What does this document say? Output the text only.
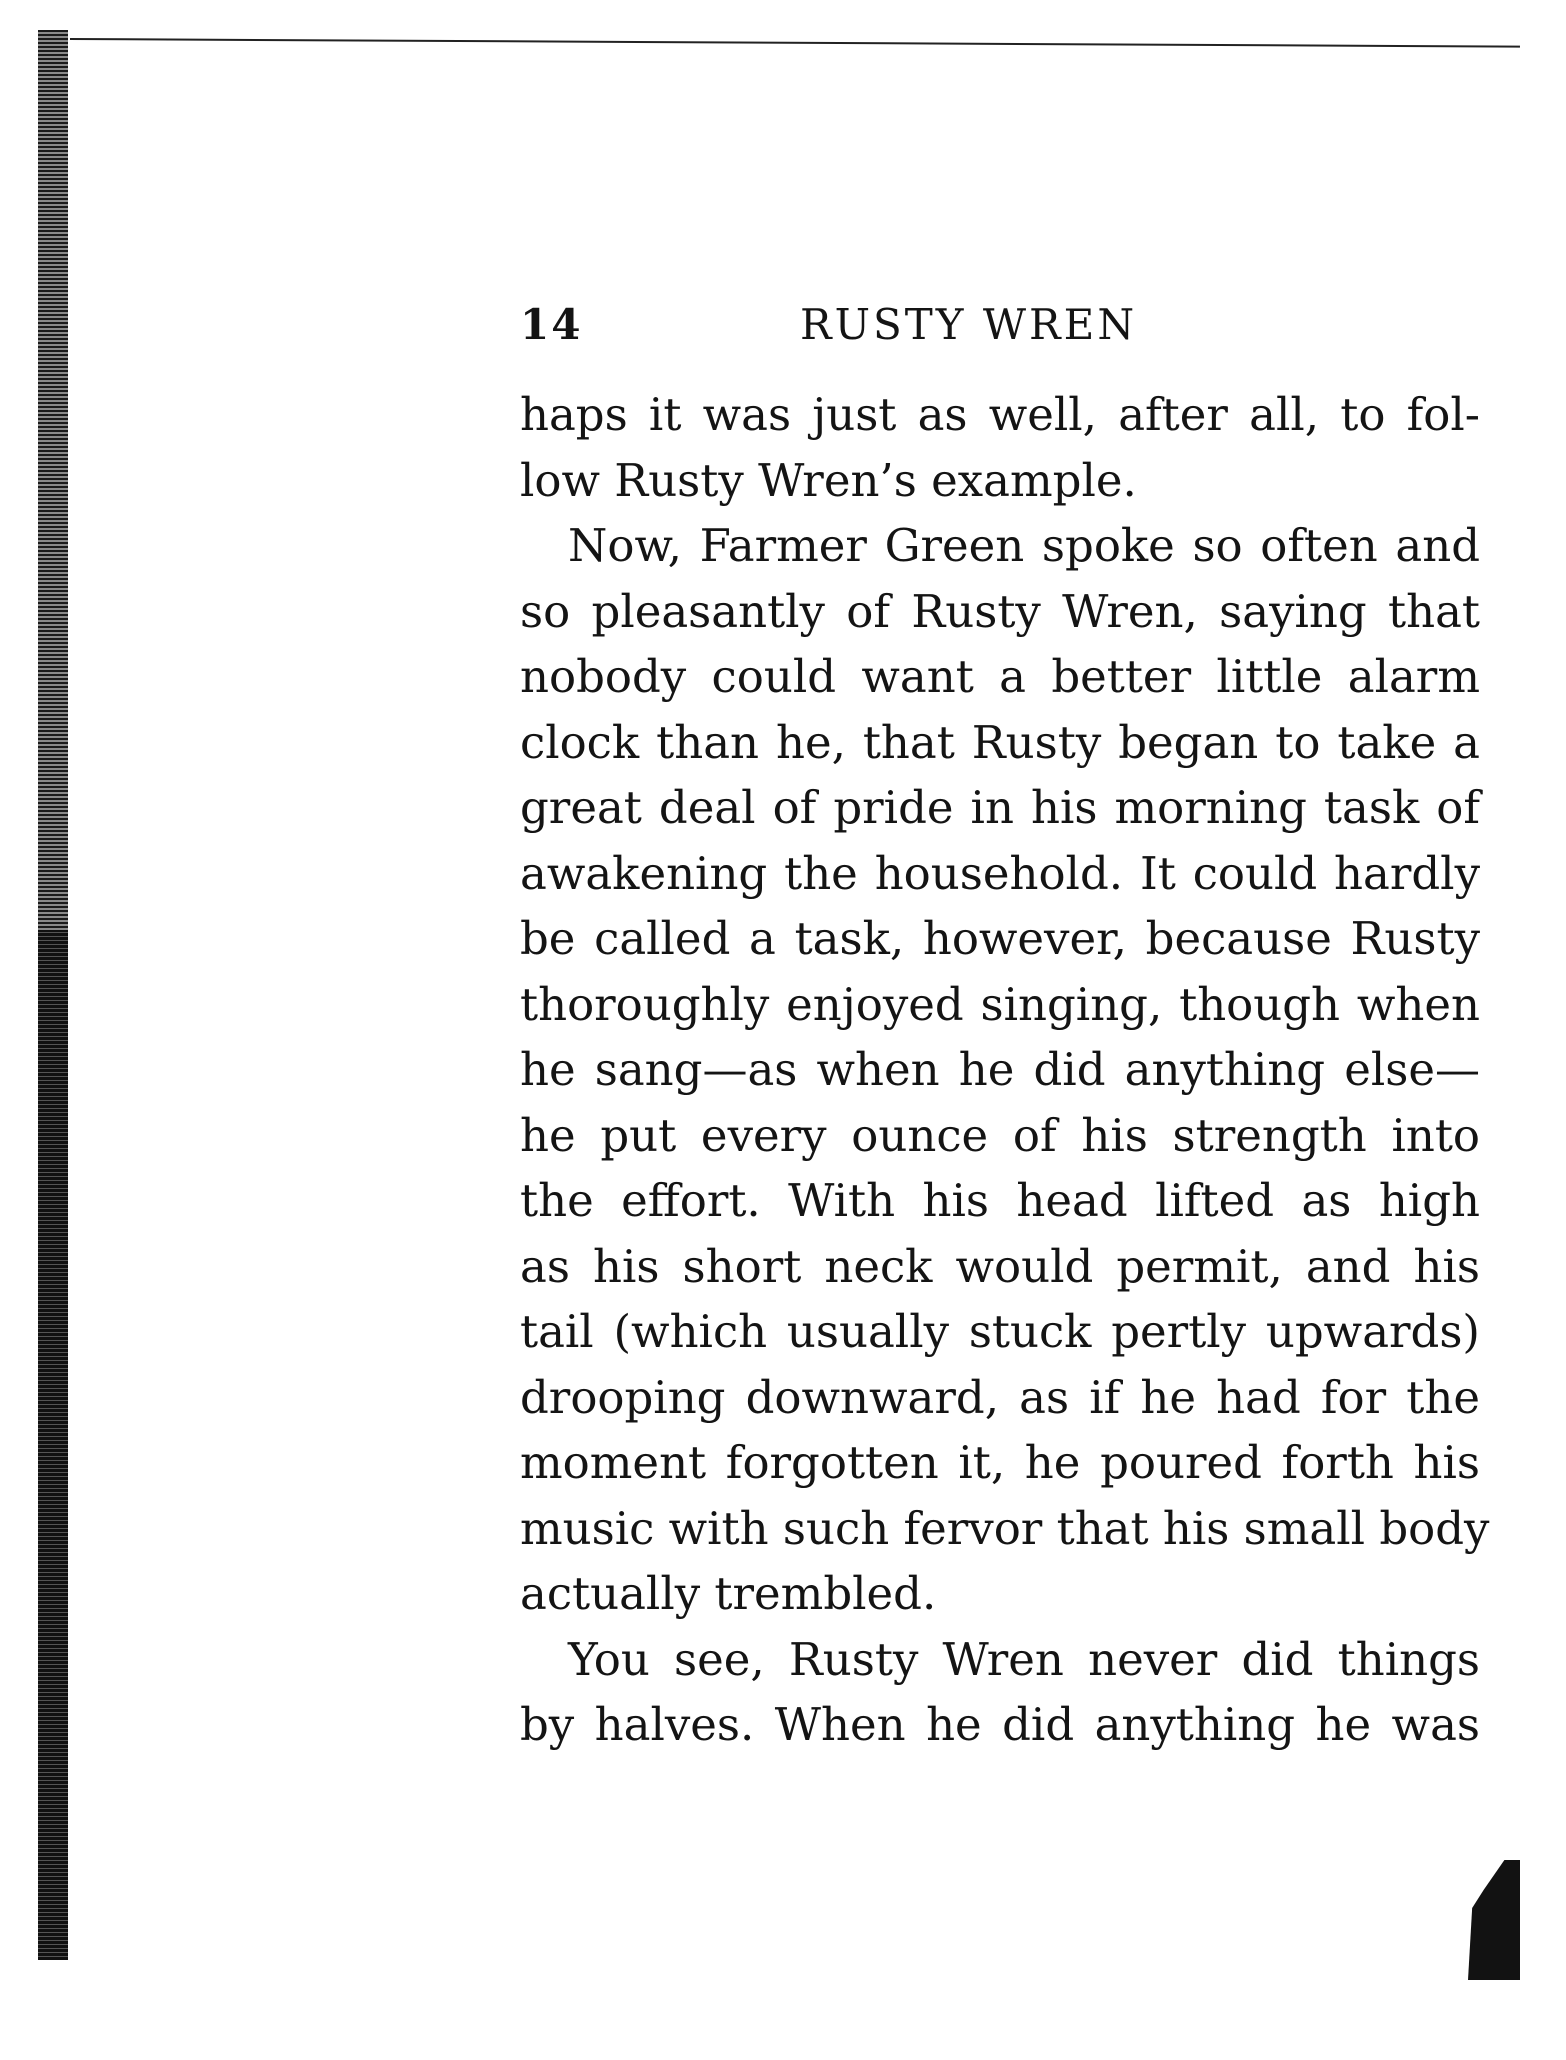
14	RUSTY WREN
haps it was just as well, after all, to fol-
low Rusty Wren’s example.
Now, Farmer Green spoke so often and
so pleasantly of Rusty Wren, saying that
nobody could want a better little alarm
clock than he, that Rusty began to take a
great deal of pride in his morning task of
awakening the household. It could hardly
be called a task, however, because Rusty
thoroughly enjoyed singing, though when
he sang—as when he did anything else—
he put every ounce of his strength into
the effort. With his head lifted as high
as his short neck would permit, and his
tail (which usually stuck pertly upwards)
drooping downward, as if he had for the
moment forgotten it, he poured forth his
music with such fervor that his small body
actually trembled.
You see, Rusty Wren never did things
by halves. When he did anything he was
